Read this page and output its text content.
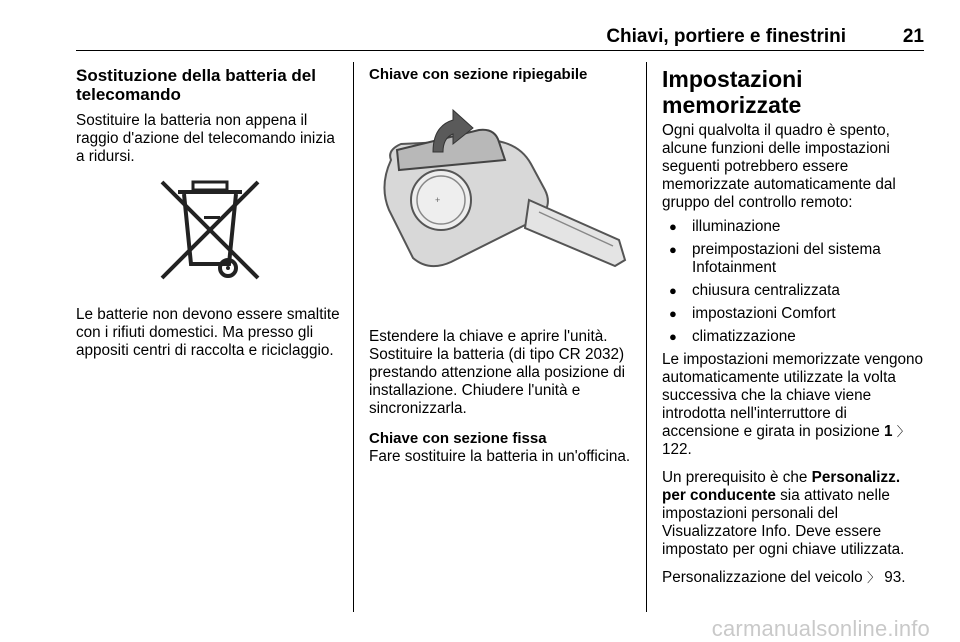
Chiavi, portiere e finestrini	21
Sostituzione della batteria del telecomando

Sostituire la batteria non appena il raggio d'azione del telecomando inizia a ridursi.

Le batterie non devono essere smaltite con i rifiuti domestici. Ma presso gli appositi centri di raccolta e riciclaggio.

Chiave con sezione ripiegabile
+

Estendere la chiave e aprire l'unità. Sostituire la batteria (di tipo CR 2032) prestando attenzione alla posizione di installazione. Chiudere l'unità e sincronizzarla.

Chiave con sezione fissa

Fare sostituire la batteria in un'officina.

Impostazioni memorizzate

Ogni qualvolta il quadro è spento, alcune funzioni delle impostazioni seguenti potrebbero essere memorizzate automaticamente dal gruppo del controllo remoto:

● illuminazione
● preimpostazioni del sistema Infotainment
● chiusura centralizzata
● impostazioni Comfort
● climatizzazione

Le impostazioni memorizzate vengono automaticamente utilizzate la volta successiva che la chiave viene introdotta nell'interruttore di accensione e girata in posizione 1 〉 122.

Un prerequisito è che Personalizz. per conducente sia attivato nelle impostazioni personali del Visualizzatore Info. Deve essere impostato per ogni chiave utilizzata.

Personalizzazione del veicolo 〉 93.

carmanualsonline.info
